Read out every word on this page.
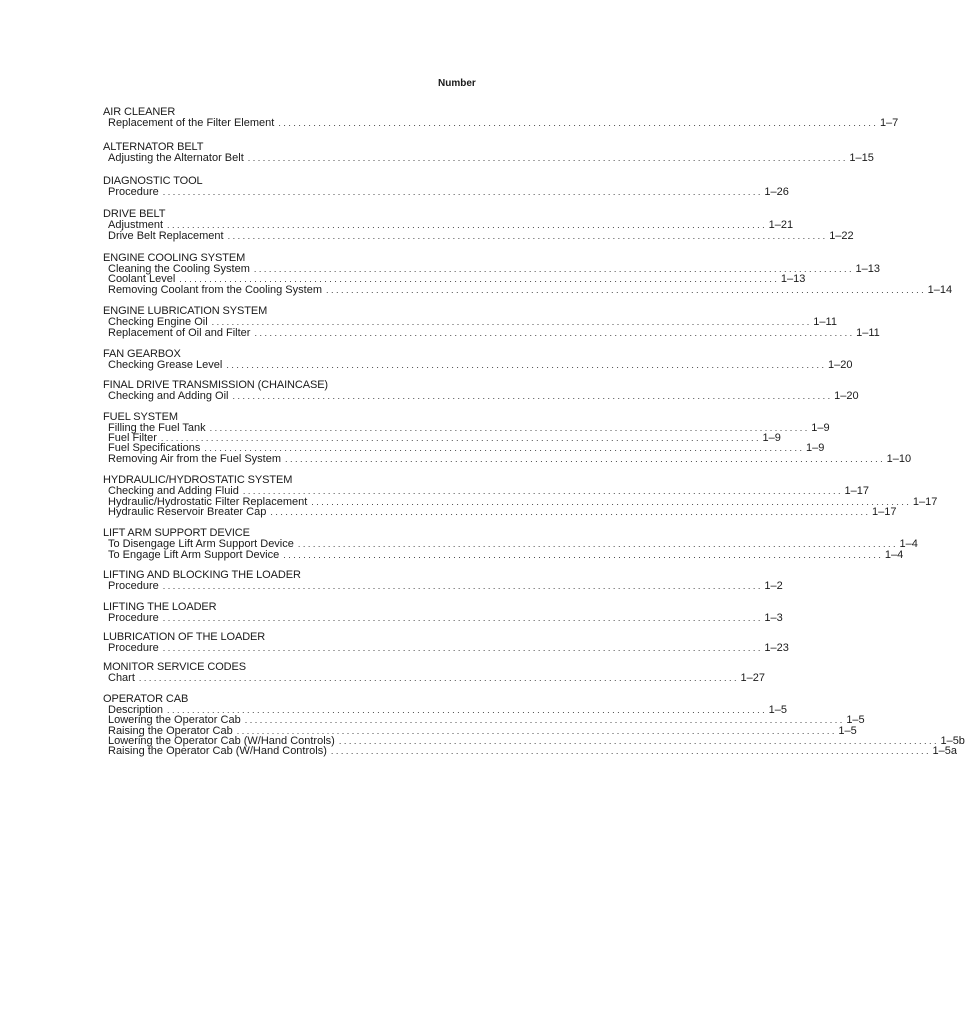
Number
AIR CLEANER
Replacement of the Filter Element . . .	1–7
ALTERNATOR BELT
Adjusting the Alternator Belt . . .	1–15
DIAGNOSTIC TOOL
Procedure . . .	1–26
DRIVE BELT
Adjustment . . .	1–21
Drive Belt Replacement . . .	1–22
ENGINE COOLING SYSTEM
Cleaning the Cooling System . . .	1–13
Coolant Level . . .	1–13
Removing Coolant from the Cooling System . . .	1–14
ENGINE LUBRICATION SYSTEM
Checking Engine Oil . . .	1–11
Replacement of Oil and Filter . . .	1–11
FAN GEARBOX
Checking Grease Level . . .	1–20
FINAL DRIVE TRANSMISSION (CHAINCASE)
Checking and Adding Oil . . .	1–20
FUEL SYSTEM
Filling the Fuel Tank . . .	1–9
Fuel Filter . . .	1–9
Fuel Specifications . . .	1–9
Removing Air from the Fuel System . . .	1–10
HYDRAULIC/HYDROSTATIC SYSTEM
Checking and Adding Fluid . . .	1–17
Hydraulic/Hydrostatic Filter Replacement . . .	1–17
Hydraulic Reservoir Breater Cap . . .	1–17
LIFT ARM SUPPORT DEVICE
To Disengage Lift Arm Support Device . . .	1–4
To Engage Lift Arm Support Device . . .	1–4
LIFTING AND BLOCKING THE LOADER
Procedure . . .	1–2
LIFTING THE LOADER
Procedure . . .	1–3
LUBRICATION OF THE LOADER
Procedure . . .	1–23
MONITOR SERVICE CODES
Chart . . .	1–27
OPERATOR CAB
Description . . .	1–5
Lowering the Operator Cab . . .	1–5
Raising the Operator Cab . . .	1–5
Lowering the Operator Cab (W/Hand Controls) . . .	1–5b
Raising the Operator Cab (W/Hand Controls) . . .	1–5a
